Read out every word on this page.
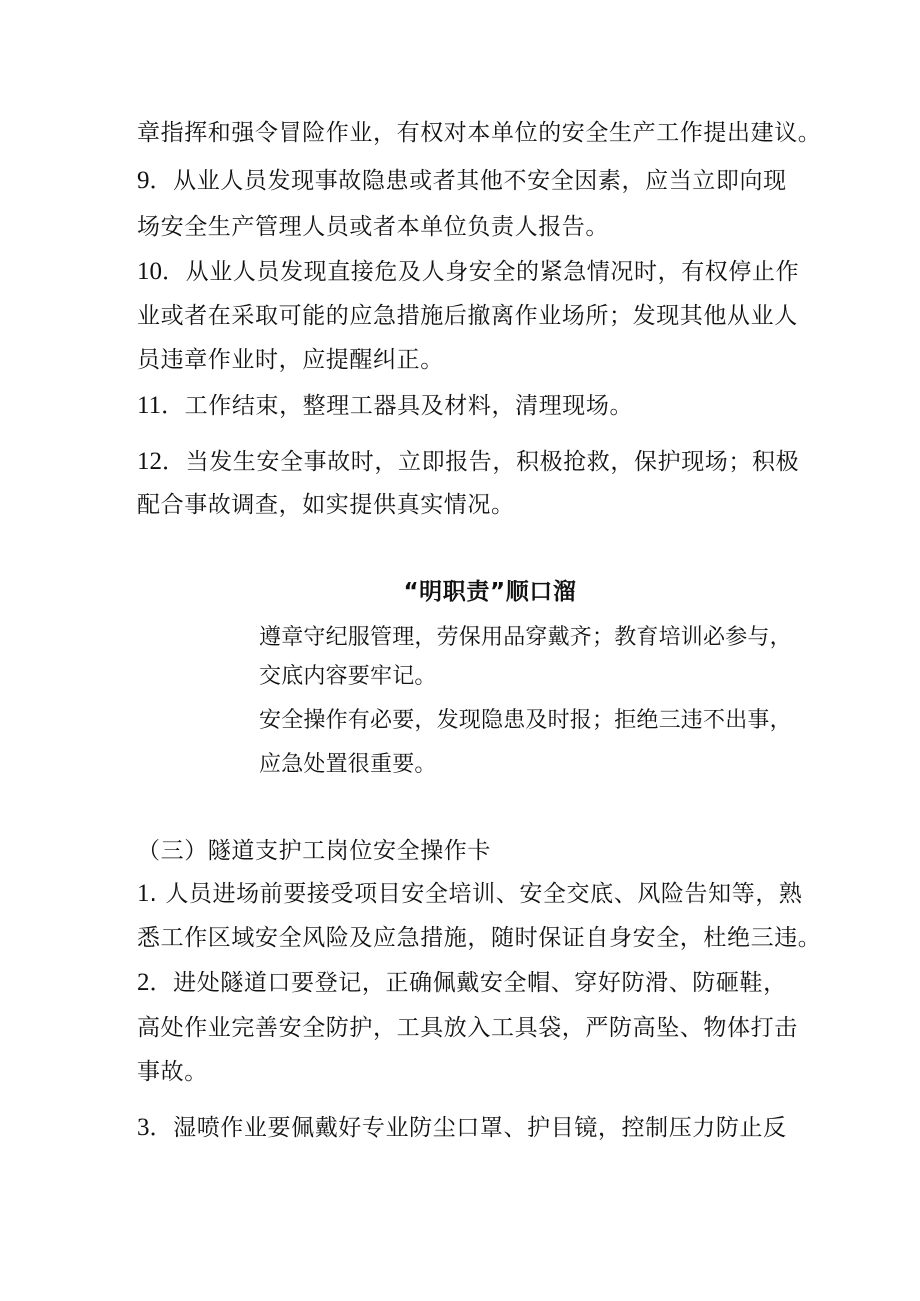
章指挥和强令冒险作业，有权对本单位的安全生产工作提出建议。

9．从业人员发现事故隐患或者其他不安全因素，应当立即向现

场安全生产管理人员或者本单位负责人报告。

10．从业人员发现直接危及人身安全的紧急情况时，有权停止作

业或者在采取可能的应急措施后撤离作业场所；发现其他从业人

员违章作业时，应提醒纠正。

11．工作结束，整理工器具及材料，清理现场。

12．当发生安全事故时，立即报告，积极抢救，保护现场；积极

配合事故调查，如实提供真实情况。

“明职责”顺口溜

遵章守纪服管理，劳保用品穿戴齐；教育培训必参与，

交底内容要牢记。

安全操作有必要，发现隐患及时报；拒绝三违不出事，

应急处置很重要。

（三）隧道支护工岗位安全操作卡

1. 人员进场前要接受项目安全培训、安全交底、风险告知等，熟

悉工作区域安全风险及应急措施，随时保证自身安全，杜绝三违。

2．进处隧道口要登记，正确佩戴安全帽、穿好防滑、防砸鞋，

高处作业完善安全防护，工具放入工具袋，严防高坠、物体打击

事故。

3．湿喷作业要佩戴好专业防尘口罩、护目镜，控制压力防止反
